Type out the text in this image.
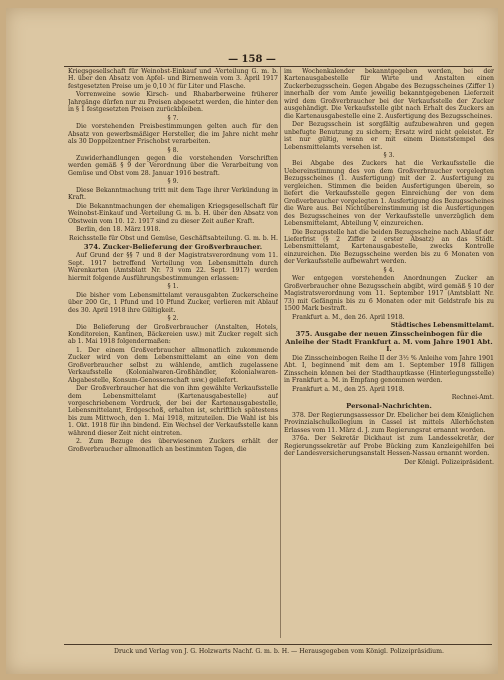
— 158 —
Kriegsgesellschaft für Weinobst-Einkauf und -Verteilung G. m. b. H. über den Absatz von Apfel- und Birnenwein vom 3. April 1917 festgesetzten Preise um je 0,10 ℳ für Liter und Flasche.
Vorrenweine sowie Kirsch- und Rhabarberweine früherer Jahrgänge dürfen nur zu Preisen abgesetzt werden, die hinter den in § 1 festgesetzten Preisen zurückbleiben.
§ 7.
Die vorstehenden Preisbestimmungen gelten auch für den Absatz von gewerbsmäßiger Hersteller, die im Jahre nicht mehr als 30 Doppelzentner Frischobst verarbeiten.
§ 8.
Zuwiderhandlungen gegen die vorstehenden Vorschriften werden gemäß § 9 der Verordnung über die Verarbeitung von Gemüse und Obst vom 28. Januar 1916 bestraft.
§ 9.
Diese Bekanntmachung tritt mit dem Tage ihrer Verkündung in Kraft.
Die Bekanntmachungen der ehemaligen Kriegsgesellschaft für Weinobst-Einkauf und -Verteilung G. m. b. H. über den Absatz von Obstwein vom 10. 12. 1917 sind zu dieser Zeit außer Kraft.
Berlin, den 18. März 1918.
Reichsstelle für Obst und Gemüse, Geschäftsabteilung. G. m. b. H.
374. Zucker-Belieferung der Großverbraucher.
Auf Grund der §§ 7 und 8 der Magistratsverordnung vom 11. Sept. 1917 betreffend Verteilung von Lebensmitteln durch Warenkarten (Amtsblatt Nr. 73 vom 22. Sept. 1917) werden hiermit folgende Ausführungsbestimmungen erlassen:
§ 1.
Die bisher vom Lebensmittelamt verausgabten Zuckerscheine über 200 Gr., 1 Pfund und 10 Pfund Zucker, verlieren mit Ablauf des 30. April 1918 ihre Gültigkeit.
§ 2.
Die Belieferung der Großverbraucher (Anstalten, Hotels, Konditoreien, Kantinen, Bäckereien usw.) mit Zucker regelt sich ab 1. Mai 1918 folgendermaßen:
1. Der einem Großverbraucher allmonatlich zukommende Zucker wird von dem Lebensmittelamt an eine von dem Großverbraucher selbst zu wählende, amtlich zugelassene Verkaufsstelle (Kolonialwaren-Großhändler, Kolonialwaren-Abgabestelle, Konsum-Genossenschaft usw.) geliefert.
Der Großverbraucher hat die von ihm gewählte Verkaufsstelle dem Lebensmittelamt (Kartenausgabestelle) auf vorgeschriebenem Vordruck, der bei der Kartenausgabestelle, Lebensmittelamt, Erdgeschoß, erhalten ist, schriftlich spätestens bis zum Mittwoch, den 1. Mai 1918, mitzuteilen. Die Wahl ist bis 1. Okt. 1918 für ihn bindend. Ein Wechsel der Verkaufsstelle kann während dieser Zeit nicht eintreten.
2. Zum Bezuge des überwiesenen Zuckers erhält der Großverbraucher allmonatlich an bestimmten Tagen, die
im Wochenkalender bekanntgegeben werden, bei der Kartenausgabestelle für Wirte und Anstalten einen Zuckerbezugsschein. Gegen Abgabe des Bezugsscheines (Ziffer 1) innerhalb der vom Amte jeweilig bekanntgegebenen Lieferzeit wird dem Großverbraucher bei der Verkaufsstelle der Zucker ausgehändigt. Die Verkaufsstelle gibt nach Erhalt des Zuckers an die Kartenausgabestelle eine 2. Ausfertigung des Bezugsscheines.
Der Bezugsschein ist sorgfältig aufzubewahren und gegen unbefugte Benutzung zu sichern; Ersatz wird nicht geleistet. Er ist nur gültig, wenn er mit einem Dienststempel des Lebensmittelamts versehen ist.
§ 3.
Bei Abgabe des Zuckers hat die Verkaufsstelle die Uebereinstimmung des von dem Großverbraucher vorgelegten Bezugsscheines (1. Ausfertigung) mit der 2. Ausfertigung zu vergleichen. Stimmen die beiden Ausfertigungen überein, so liefert die Verkaufsstelle gegen Einreichung der von dem Großverbraucher vorgelegten 1. Ausfertigung des Bezugsscheines die Ware aus. Bei Nichtübereinstimmung ist die Ausfertigungen des Bezugsscheines von der Verkaufsstelle unverzüglich dem Lebensmittelamt, Abteilung V, einzureichen.
Die Bezugsstelle hat die beiden Bezugsscheine nach Ablauf der Lieferfrist (§ 2 Ziffer 2 erster Absatz) an das Städt. Lebensmittelamt, Kartenausgabestelle, zwecks Kontrolle einzureichen. Die Bezugsscheine werden bis zu 6 Monaten von der Verkaufsstelle aufbewahrt werden.
§ 4.
Wer entgegen vorstehenden Anordnungen Zucker an Großverbraucher ohne Bezugsschein abgibt, wird gemäß § 10 der Magistratsverordnung vom 11. September 1917 (Amtsblatt Nr. 73) mit Gefängnis bis zu 6 Monaten oder mit Geldstrafe bis zu 1500 Mark bestraft.
Frankfurt a. M., den 26. April 1918.
Städtisches Lebensmittelamt.
375. Ausgabe der neuen Zinsscheinbogen für die Anleihe der Stadt Frankfurt a. M. vom Jahre 1901 Abt. I.
Die Zinsscheinbogen Reihe II der 3½ % Anleihe vom Jahre 1901 Abt. I, beginnend mit dem am 1. September 1918 fälligen Zinsschein können bei der Stadthauptkasse (Hinterlegungsstelle) in Frankfurt a. M. in Empfang genommen werden.
Frankfurt a. M., den 25. April 1918.
Rechnei-Amt.
Personal-Nachrichten.
378. Der Regierungsassessor Dr. Ebelicher bei dem Königlichen Provinzialschulkollegium in Cassel ist mittels Allerhöchsten Erlasses vom 11. März d. J. zum Regierungsrat ernannt worden.
376a. Der Sekretär Dickhaut ist zum Landessekretär, der Regierungssekretär auf Probe Bücking zum Kanzleigehilfen bei der Landesversicherungsanstalt Hessen-Nassau ernannt worden.
Der Königl. Polizeipräsident.
Druck und Verlag von J. G. Holzwarts Nachf. G. m. b. H. — Herausgegeben vom Königl. Polizeipräsidium.
